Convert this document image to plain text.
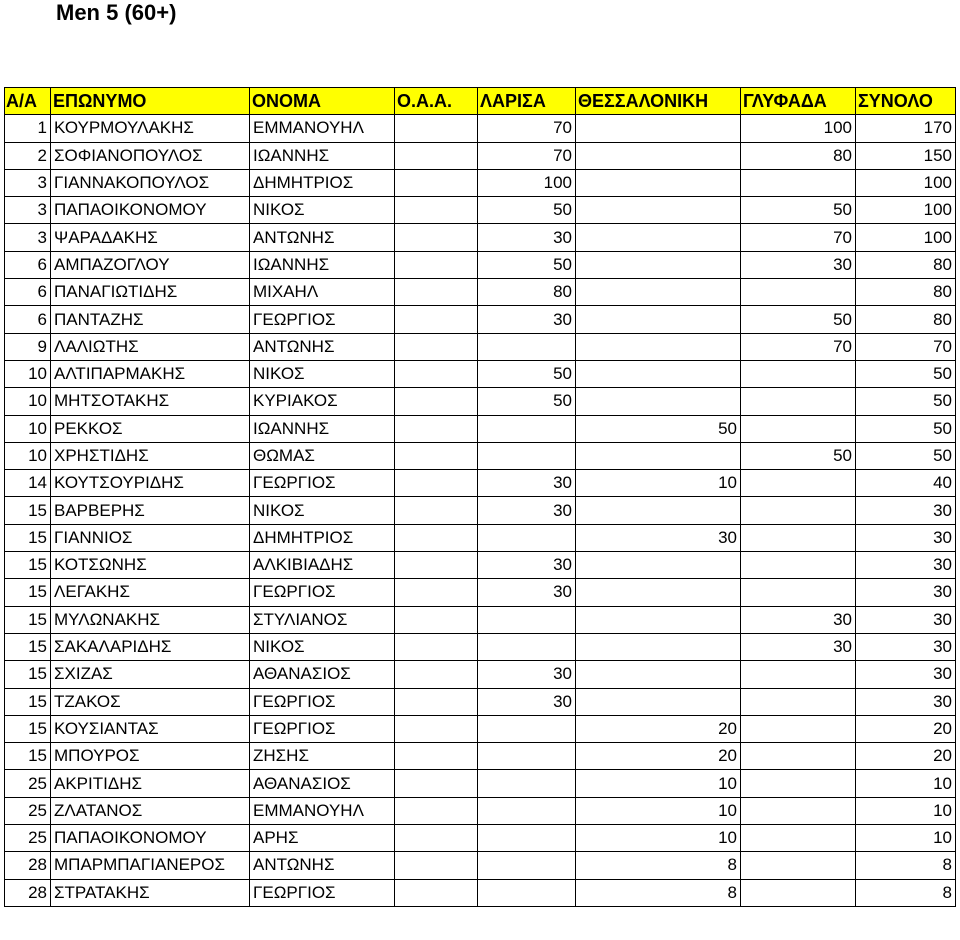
Men 5 (60+)
Α/Α	ΕΠΩΝΥΜΟ	ΟΝΟΜΑ	Ο.Α.Α.	ΛΑΡΙΣΑ	ΘΕΣΣΑΛΟΝΙΚΗ	ΓΛΥΦΑΔΑ	ΣΥΝΟΛΟ
1	ΚΟΥΡΜΟΥΛΑΚΗΣ	ΕΜΜΑΝΟΥΗΛ		70		100	170
2	ΣΟΦΙΑΝΟΠΟΥΛΟΣ	ΙΩΑΝΝΗΣ		70		80	150
3	ΓΙΑΝΝΑΚΟΠΟΥΛΟΣ	ΔΗΜΗΤΡΙΟΣ		100			100
3	ΠΑΠΑΟΙΚΟΝΟΜΟΥ	ΝΙΚΟΣ		50		50	100
3	ΨΑΡΑΔΑΚΗΣ	ΑΝΤΩΝΗΣ		30		70	100
6	ΑΜΠΑΖΟΓΛΟΥ	ΙΩΑΝΝΗΣ		50		30	80
6	ΠΑΝΑΓΙΩΤΙΔΗΣ	ΜΙΧΑΗΛ		80			80
6	ΠΑΝΤΑΖΗΣ	ΓΕΩΡΓΙΟΣ		30		50	80
9	ΛΑΛΙΩΤΗΣ	ΑΝΤΩΝΗΣ				70	70
10	ΑΛΤΙΠΑΡΜΑΚΗΣ	ΝΙΚΟΣ		50			50
10	ΜΗΤΣΟΤΑΚΗΣ	ΚΥΡΙΑΚΟΣ		50			50
10	ΡΕΚΚΟΣ	ΙΩΑΝΝΗΣ			50		50
10	ΧΡΗΣΤΙΔΗΣ	ΘΩΜΑΣ				50	50
14	ΚΟΥΤΣΟΥΡΙΔΗΣ	ΓΕΩΡΓΙΟΣ		30	10		40
15	ΒΑΡΒΕΡΗΣ	ΝΙΚΟΣ		30			30
15	ΓΙΑΝΝΙΟΣ	ΔΗΜΗΤΡΙΟΣ			30		30
15	ΚΟΤΣΩΝΗΣ	ΑΛΚΙΒΙΑΔΗΣ		30			30
15	ΛΕΓΑΚΗΣ	ΓΕΩΡΓΙΟΣ		30			30
15	ΜΥΛΩΝΑΚΗΣ	ΣΤΥΛΙΑΝΟΣ				30	30
15	ΣΑΚΑΛΑΡΙΔΗΣ	ΝΙΚΟΣ				30	30
15	ΣΧΙΖΑΣ	ΑΘΑΝΑΣΙΟΣ		30			30
15	ΤΖΑΚΟΣ	ΓΕΩΡΓΙΟΣ		30			30
15	ΚΟΥΣΙΑΝΤΑΣ	ΓΕΩΡΓΙΟΣ			20		20
15	ΜΠΟΥΡΟΣ	ΖΗΣΗΣ			20		20
25	ΑΚΡΙΤΙΔΗΣ	ΑΘΑΝΑΣΙΟΣ			10		10
25	ΖΛΑΤΑΝΟΣ	ΕΜΜΑΝΟΥΗΛ			10		10
25	ΠΑΠΑΟΙΚΟΝΟΜΟΥ	ΑΡΗΣ			10		10
28	ΜΠΑΡΜΠΑΓΙΑΝΕΡΟΣ	ΑΝΤΩΝΗΣ			8		8
28	ΣΤΡΑΤΑΚΗΣ	ΓΕΩΡΓΙΟΣ			8		8
